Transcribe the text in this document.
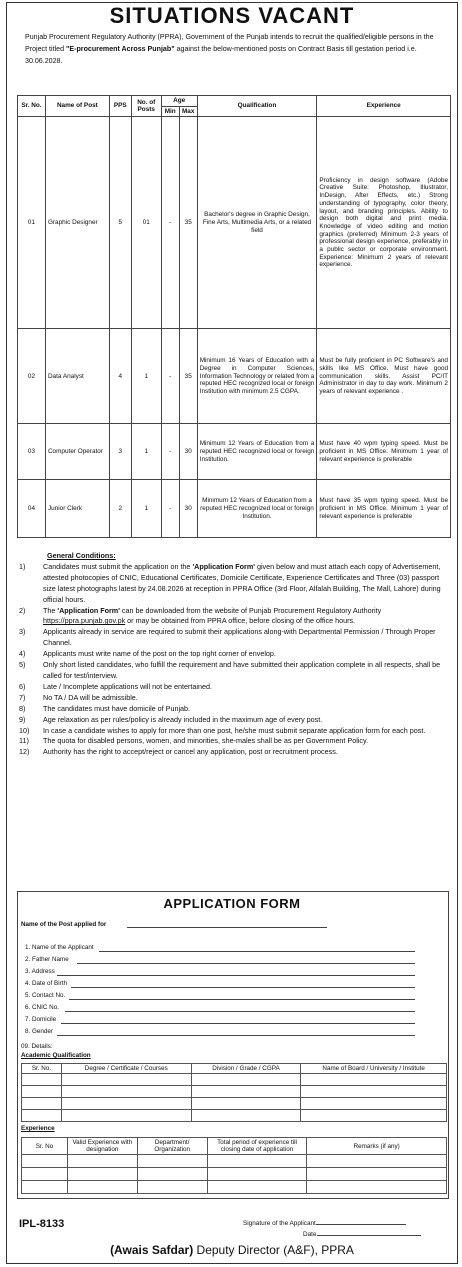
SITUATIONS VACANT
Punjab Procurement Regulatory Authority (PPRA), Government of the Punjab intends to recruit the qualified/eligible persons in the Project titled "E-procurement Across Punjab" against the below-mentioned posts on Contract Basis till gestation period i.e. 30.06.2028.
Sr. No.	Name of Post	PPS	No. of Posts	Age		Qualification	Experience
				Min	Max		
01	Graphic Designer	5	01	-	35	Bachelor's degree in Graphic Design, Fine Arts, Multimedia Arts, or a related field	Proficiency in design software (Adobe Creative Suite: Photoshop, Illustrator, InDesign, After Effects, etc.) Strong understanding of typography, color theory, layout, and branding principles. Ability to design both digital and print media. Knowledge of video editing and motion graphics (preferred) Minimum 2-3 years of professional design experience, preferably in a public sector or corporate environment. Experience: Minimum 2 years of relevant experience.
02	Data Analyst	4	1	-	35	Minimum 16 Years of Education with a Degree in Computer Sciences, Information Technology or related from a reputed HEC recognized local or foreign Institution with minimum 2.5 CGPA.	Must be fully proficient in PC Software's and skills like MS Office. Must have good communication skills. Assist PC/IT Administrator in day to day work. Minimum 2 years of relevant experience .
03	Computer Operator	3	1	-	30	Minimum 12 Years of Education from a reputed HEC recognized local or foreign Institution.	Must have 40 wpm typing speed. Must be proficient in MS Office. Minimum 1 year of relevant experience is preferable
04	Junior Clerk	2	1	-	30	Minimum 12 Years of Education from a reputed HEC recognized local or foreign Institution.	Must have 35 wpm typing speed. Must be proficient in MS Office. Minimum 1 year of relevant experience is preferable
General Conditions:
1)	Candidates must submit the application on the 'Application Form' given below and must attach each copy of Advertisement, attested photocopies of CNIC, Educational Certificates, Domicile Certificate, Experience Certificates and Three (03) passport size latest photographs latest by 24.08.2026 at reception in PPRA Office (3rd Floor, Alfalah Building, The Mall, Lahore) during official hours.
2)	The 'Application Form' can be downloaded from the website of Punjab Procurement Regulatory Authority https://ppra.punjab.gov.pk or may be obtained from PPRA office, before closing of the office hours.
3)	Applicants already in service are required to submit their applications along-with Departmental Permission / Through Proper Channel.
4)	Applicants must write name of the post on the top right corner of envelop.
5)	Only short listed candidates, who fulfill the requirement and have submitted their application complete in all respects, shall be called for test/interview.
6)	Late / Incomplete applications will not be entertained.
7)	No TA / DA will be admissible.
8)	The candidates must have domicile of Punjab.
9)	Age relaxation as per rules/policy is already included in the maximum age of every post.
10)	In case a candidate wishes to apply for more than one post, he/she must submit separate application form for each post.
11)	The quota for disabled persons, women, and minorities, she-males shall be as per Government Policy.
12)	Authority has the right to accept/reject or cancel any application, post or recruitment process.
APPLICATION FORM
Name of the Post applied for
1. Name of the Applicant
2. Father Name
3. Address
4. Date of Birth
5. Contact No.
6. CNIC No.
7. Domicile
8. Gender
09. Details:
Academic Qualification
Sr. No.	Degree / Certificate / Courses	Division / Grade / CGPA	Name of Board / University / Institute

Experience
Sr. No	Valid Experience with designation	Department/ Organization	Total period of experience till closing date of application	Remarks (if any)

IPL-8133	Signature of the Applicant
Date
(Awais Safdar) Deputy Director (A&F), PPRA
